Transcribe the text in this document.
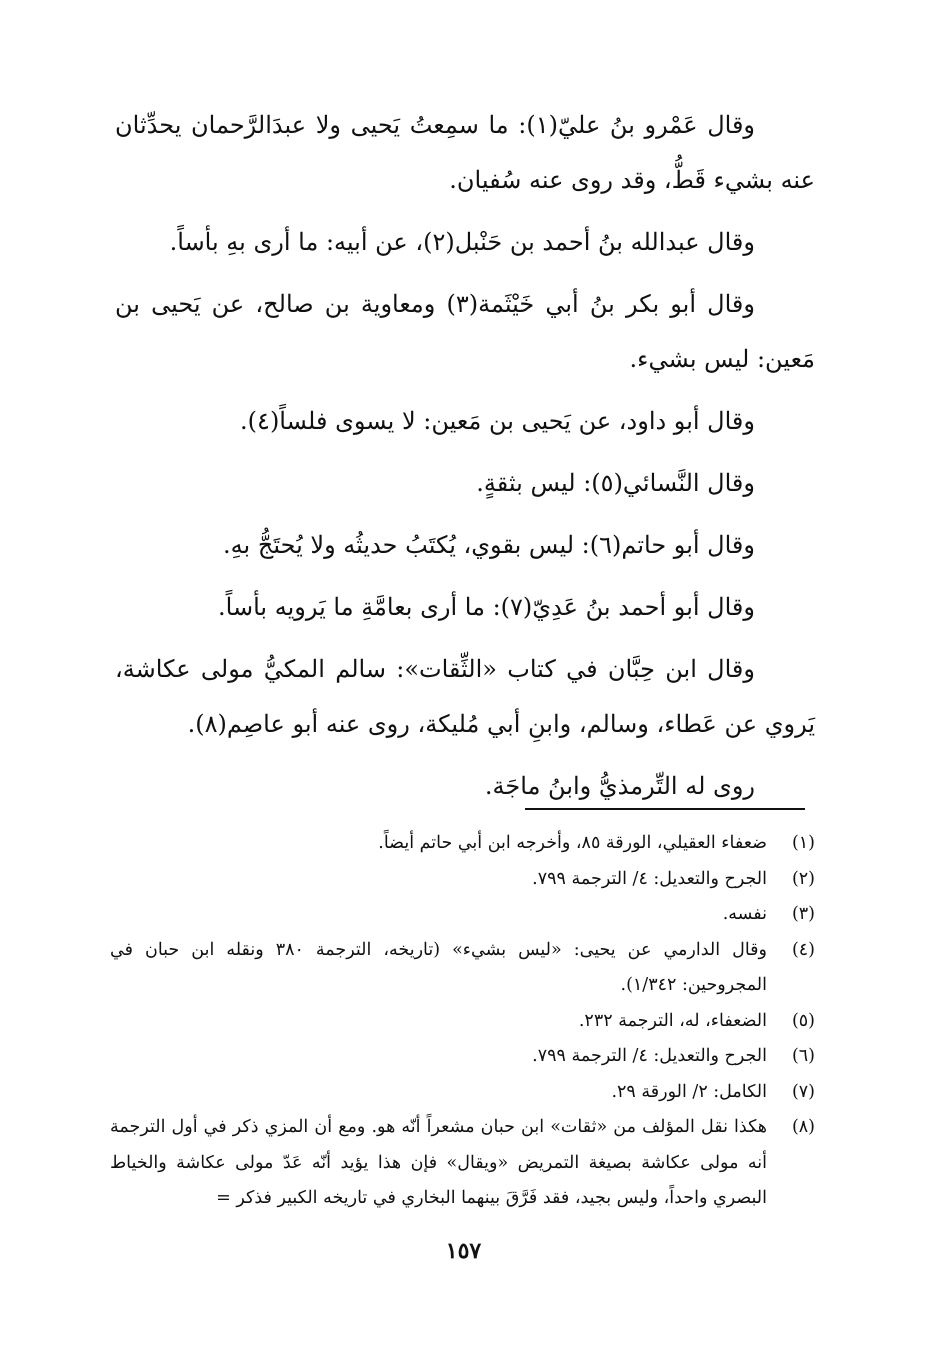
وقال عَمْرو بنُ عليّ(١): ما سمِعتُ يَحيى ولا عبدَالرَّحمان يحدِّثان عنه بشيء قَطُّ، وقد روى عنه سُفيان.

وقال عبدالله بنُ أحمد بن حَنْبل(٢)، عن أبيه: ما أرى بهِ بأساً.

وقال أبو بكر بنُ أبي خَيْثَمة(٣) ومعاوية بن صالح، عن يَحيى بن مَعين: ليس بشيء.

وقال أبو داود، عن يَحيى بن مَعين: لا يسوى فلساً(٤).

وقال النَّسائي(٥): ليس بثقةٍ.

وقال أبو حاتم(٦): ليس بقوي، يُكتَبُ حديثُه ولا يُحتَجُّ بهِ.

وقال أبو أحمد بنُ عَدِيّ(٧): ما أرى بعامَّةِ ما يَرويه بأساً.

وقال ابن حِبَّان في كتاب «الثِّقات»: سالم المكيُّ مولى عكاشة، يَروي عن عَطاء، وسالم، وابنِ أبي مُليكة، روى عنه أبو عاصِم(٨).

روى له التِّرمذيُّ وابنُ ماجَة.

(١)
ضعفاء العقيلي، الورقة ٨٥، وأخرجه ابن أبي حاتم أيضاً.
(٢)
الجرح والتعديل: ٤/ الترجمة ٧٩٩.
(٣)
نفسه.
(٤)
وقال الدارمي عن يحيى: «ليس بشيء» (تاريخه، الترجمة ٣٨٠ ونقله ابن حبان في المجروحين: ١/٣٤٢).
(٥)
الضعفاء، له، الترجمة ٢٣٢.
(٦)
الجرح والتعديل: ٤/ الترجمة ٧٩٩.
(٧)
الكامل: ٢/ الورقة ٢٩.
(٨)
هكذا نقل المؤلف من «ثقات» ابن حبان مشعراً أنّه هو. ومع أن المزي ذكر في أول الترجمة أنه مولى عكاشة بصيغة التمريض «ويقال» فإن هذا يؤيد أنّه عَدّ مولى عكاشة والخياط البصري واحداً، وليس بجيد، فقد فَرَّقَ بينهما البخاري في تاريخه الكبير فذكر =
١٥٧
